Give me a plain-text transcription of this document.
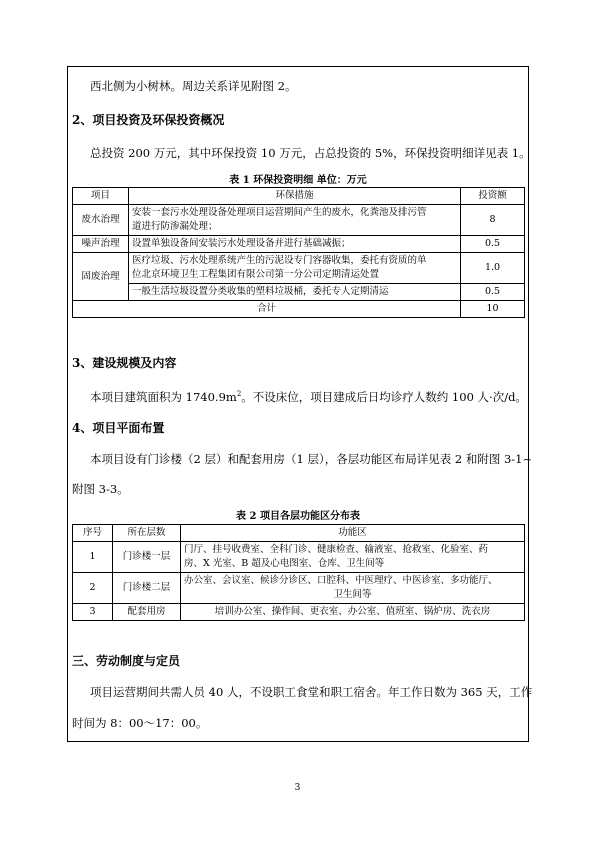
西北侧为小树林。周边关系详见附图 2。
2、项目投资及环保投资概况
总投资 200 万元，其中环保投资 10 万元，占总投资的 5%，环保投资明细详见表 1。
表 1 环保投资明细 单位：万元
项目	环保措施	投资额
废水治理	安装一套污水处理设备处理项目运营期间产生的废水，化粪池及排污管
道进行防渗漏处理；	8
噪声治理	设置单独设备间安装污水处理设备并进行基础减振；	0.5
固废治理	医疗垃圾、污水处理系统产生的污泥设专门容器收集，委托有资质的单
位北京环境卫生工程集团有限公司第一分公司定期清运处置	1.0

	一般生活垃圾设置分类收集的塑料垃圾桶，委托专人定期清运	0.5
合计		10
3、建设规模及内容
本项目建筑面积为 $1740.9m^2$。不设床位，项目建成后日均诊疗人数约 100 人·次/d。
4、项目平面布置
本项目设有门诊楼（2 层）和配套用房（1 层），各层功能区布局详见表 2 和附图 3-1~
附图 3-3。
表 2 项目各层功能区分布表
序号	所在层数	功能区
1	门诊楼一层	门厅、挂号收费室、全科门诊、健康检查、输液室、抢救室、化验室、药
房、X 光室、B 超及心电图室、仓库、卫生间等

2	门诊楼二层	办公室、会议室、候诊分诊区、口腔科、中医理疗、中医诊室、多功能厅、
卫生间等

3	配套用房	培训办公室、操作间、更衣室、办公室、值班室、锅炉房、洗衣房
三、劳动制度与定员
项目运营期间共需人员 40 人，不设职工食堂和职工宿舍。年工作日数为 365 天，工作
时间为 8：00～17：00。
3
